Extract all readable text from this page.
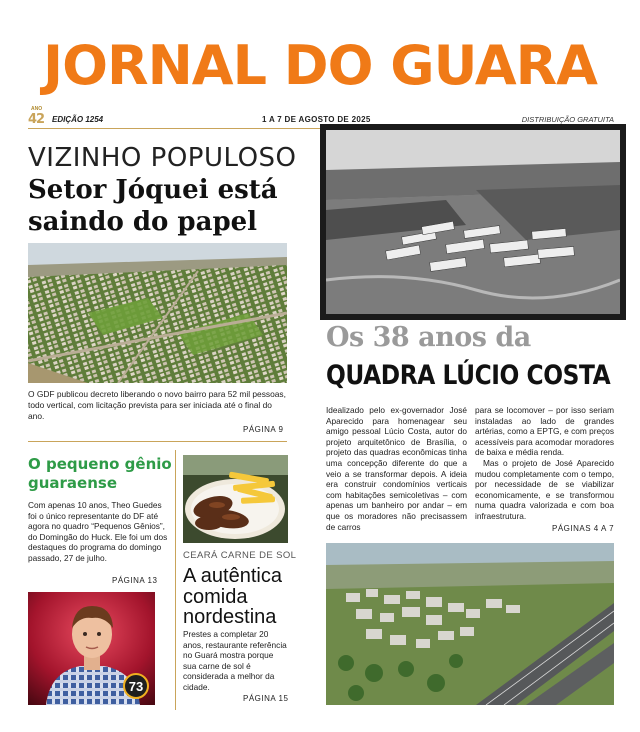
JORNAL DO GUARA
ANO
42 EDIÇÃO 1254	1 A 7 DE AGOSTO DE 2025	DISTRIBUIÇÃO GRATUITA
VIZINHO POPULOSO
Setor Jóquei está saindo do papel
O GDF publicou decreto liberando o novo bairro para 52 mil pessoas, todo vertical, com licitação prevista para ser iniciada até o final do ano.
PÁGINA 9
O pequeno gênio guaraense
Com apenas 10 anos, Theo Guedes foi o único representante do DF até agora no quadro “Pequenos Gênios”, do Domingão do Huck. Ele foi um dos destaques do programa do domingo passado, 27 de julho.
PÁGINA 13
73
CEARÁ CARNE DE SOL
A autêntica comida nordestina
Prestes a completar 20 anos, restaurante referência no Guará mostra porque sua carne de sol é considerada a melhor da cidade.
PÁGINA 15
Os 38 anos da
QUADRA LÚCIO COSTA
Idealizado pelo ex-governador José Aparecido para homenagear seu amigo pessoal Lúcio Costa, autor do projeto arquitetônico de Brasília, o projeto das quadras econômicas tinha uma concepção diferente do que a veio a se transformar depois. A ideia era construir condomínios verticais com habitações semicoletivas – com apenas um banheiro por andar – em que os moradores não precisassem de carros

para se locomover – por isso seriam instaladas ao lado de grandes artérias, como a EPTG, e com preços acessíveis para acomodar moradores de baixa e média renda.

Mas o projeto de José Aparecido mudou completamente com o tempo, por necessidade de se viabilizar economicamente, e se transformou numa quadra valorizada e com boa infraestrutura.

PÁGINAS 4 A 7
